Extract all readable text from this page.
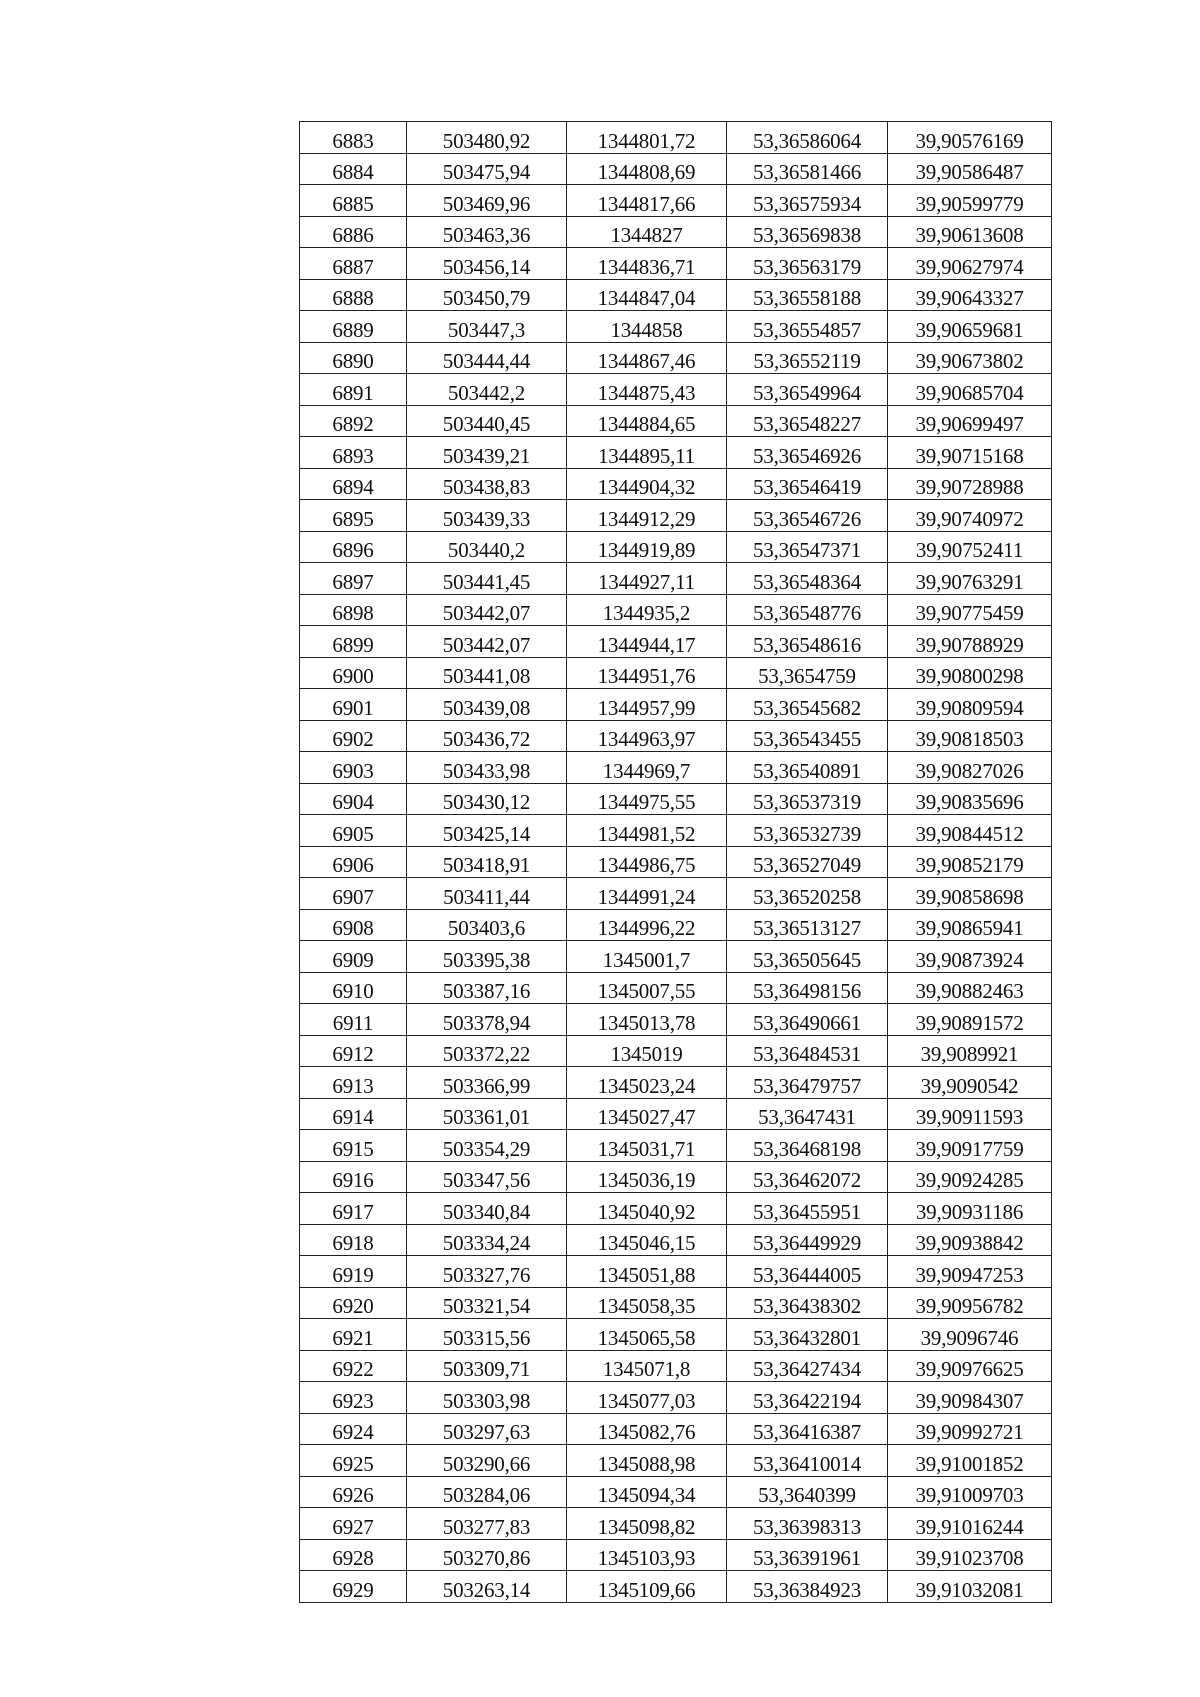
6883	503480,92	1344801,72	53,36586064	39,90576169
6884	503475,94	1344808,69	53,36581466	39,90586487
6885	503469,96	1344817,66	53,36575934	39,90599779
6886	503463,36	1344827	53,36569838	39,90613608
6887	503456,14	1344836,71	53,36563179	39,90627974
6888	503450,79	1344847,04	53,36558188	39,90643327
6889	503447,3	1344858	53,36554857	39,90659681
6890	503444,44	1344867,46	53,36552119	39,90673802
6891	503442,2	1344875,43	53,36549964	39,90685704
6892	503440,45	1344884,65	53,36548227	39,90699497
6893	503439,21	1344895,11	53,36546926	39,90715168
6894	503438,83	1344904,32	53,36546419	39,90728988
6895	503439,33	1344912,29	53,36546726	39,90740972
6896	503440,2	1344919,89	53,36547371	39,90752411
6897	503441,45	1344927,11	53,36548364	39,90763291
6898	503442,07	1344935,2	53,36548776	39,90775459
6899	503442,07	1344944,17	53,36548616	39,90788929
6900	503441,08	1344951,76	53,3654759	39,90800298
6901	503439,08	1344957,99	53,36545682	39,90809594
6902	503436,72	1344963,97	53,36543455	39,90818503
6903	503433,98	1344969,7	53,36540891	39,90827026
6904	503430,12	1344975,55	53,36537319	39,90835696
6905	503425,14	1344981,52	53,36532739	39,90844512
6906	503418,91	1344986,75	53,36527049	39,90852179
6907	503411,44	1344991,24	53,36520258	39,90858698
6908	503403,6	1344996,22	53,36513127	39,90865941
6909	503395,38	1345001,7	53,36505645	39,90873924
6910	503387,16	1345007,55	53,36498156	39,90882463
6911	503378,94	1345013,78	53,36490661	39,90891572
6912	503372,22	1345019	53,36484531	39,9089921
6913	503366,99	1345023,24	53,36479757	39,9090542
6914	503361,01	1345027,47	53,3647431	39,90911593
6915	503354,29	1345031,71	53,36468198	39,90917759
6916	503347,56	1345036,19	53,36462072	39,90924285
6917	503340,84	1345040,92	53,36455951	39,90931186
6918	503334,24	1345046,15	53,36449929	39,90938842
6919	503327,76	1345051,88	53,36444005	39,90947253
6920	503321,54	1345058,35	53,36438302	39,90956782
6921	503315,56	1345065,58	53,36432801	39,9096746
6922	503309,71	1345071,8	53,36427434	39,90976625
6923	503303,98	1345077,03	53,36422194	39,90984307
6924	503297,63	1345082,76	53,36416387	39,90992721
6925	503290,66	1345088,98	53,36410014	39,91001852
6926	503284,06	1345094,34	53,3640399	39,91009703
6927	503277,83	1345098,82	53,36398313	39,91016244
6928	503270,86	1345103,93	53,36391961	39,91023708
6929	503263,14	1345109,66	53,36384923	39,91032081
